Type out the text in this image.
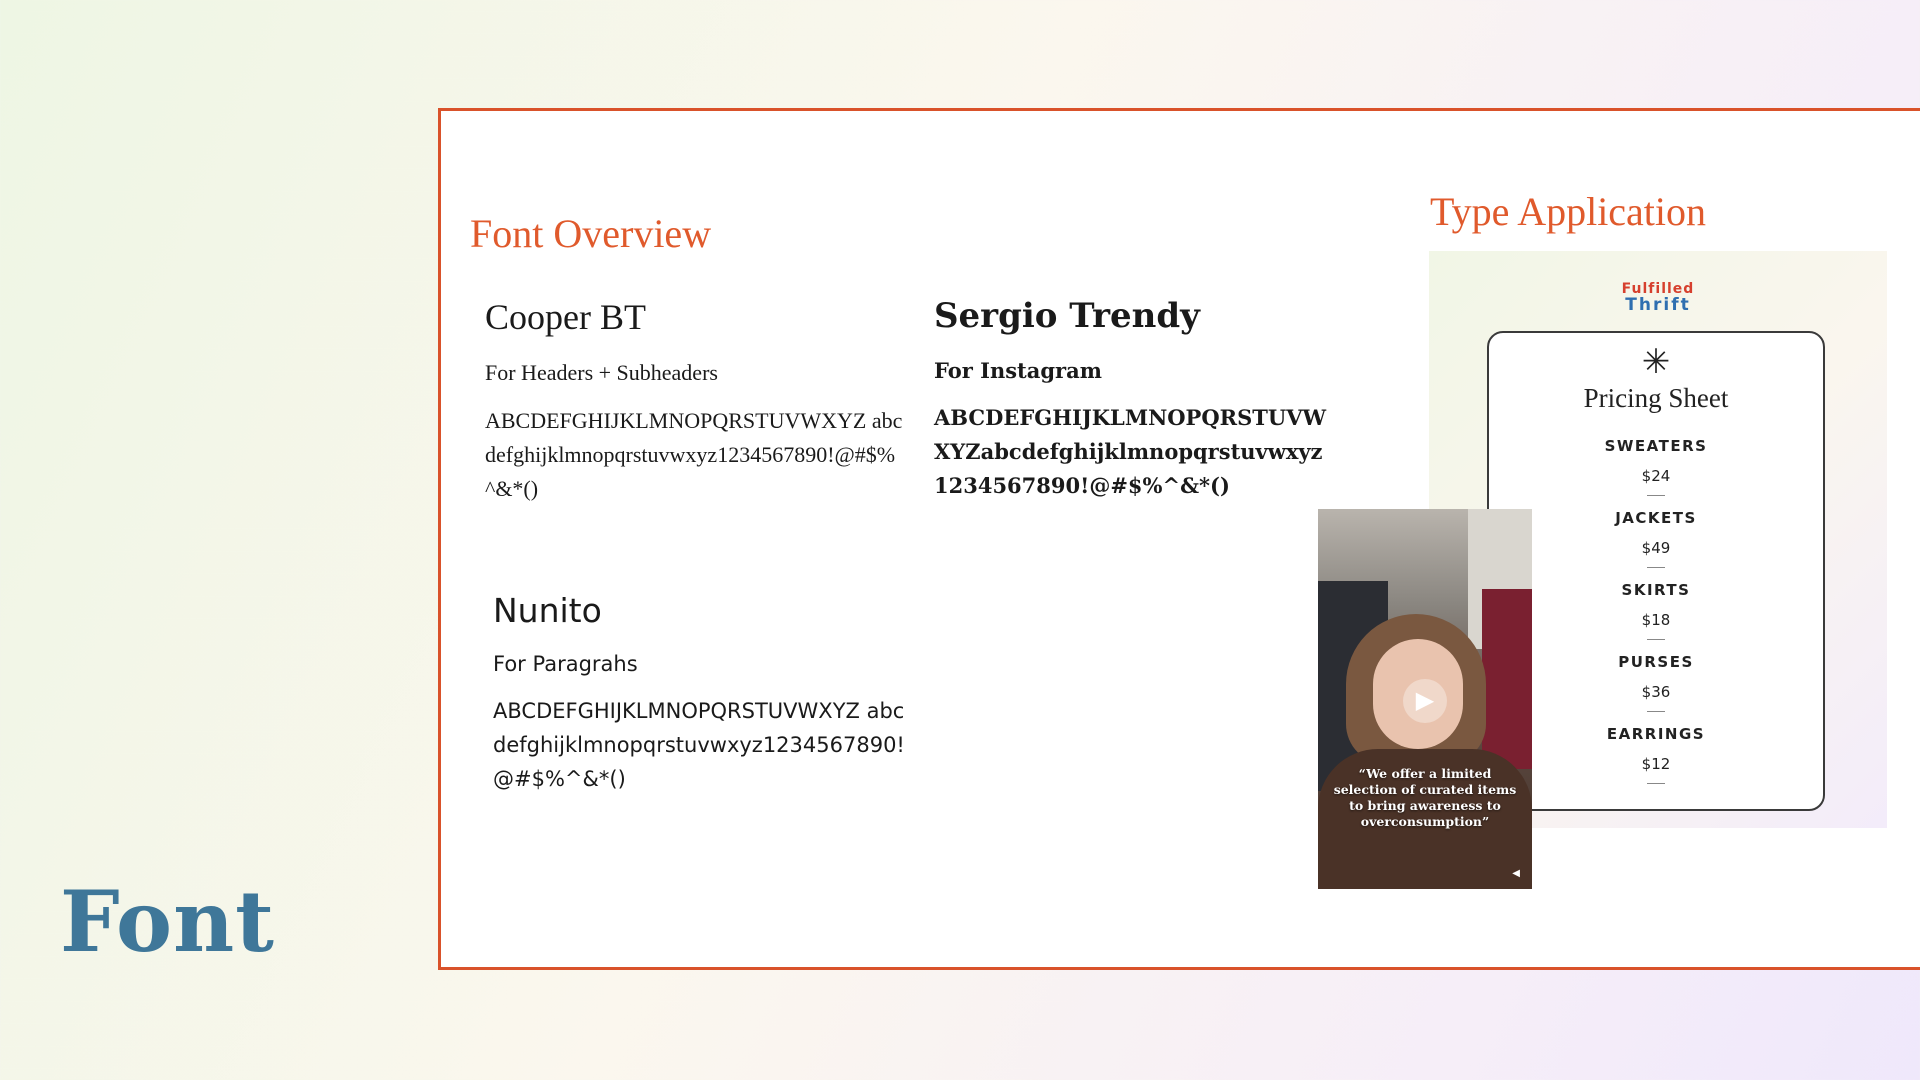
Font
Font Overview
Cooper BT
For Headers + Subheaders
ABCDEFGHIJKLMNOPQRSTUVWXYZ abcdefghijklmnopqrstuvwxyz1234567890!@#$%^&*()
Sergio Trendy
For Instagram
ABCDEFGHIJKLMNOPQRSTUVWXYZabcdefghijklmnopqrstuvwxyz1234567890!@#$%^&*()
Nunito
For Paragrahs
ABCDEFGHIJKLMNOPQRSTUVWXYZ abcdefghijklmnopqrstuvwxyz1234567890!@#$%^&*()
Type Application
Fulfilled
Thrift
✳
Pricing Sheet
SWEATERS
$24
JACKETS
$49
SKIRTS
$18
PURSES
$36
EARRINGS
$12
▶
“We offer a limited selection of curated items to bring awareness to overconsumption”
◀
